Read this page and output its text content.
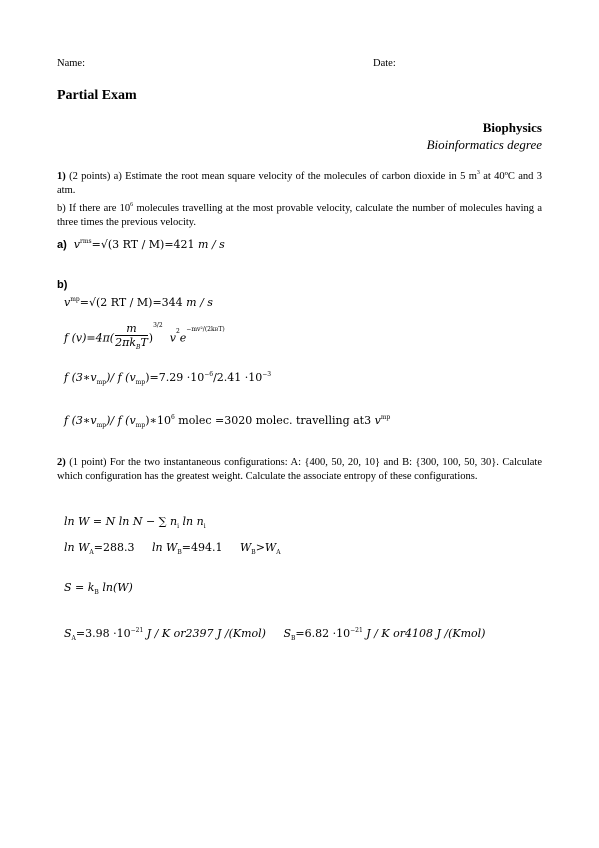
Name:	Date:
Partial Exam
Biophysics
Bioinformatics degree
1) (2 points) a) Estimate the root mean square velocity of the molecules of carbon dioxide in 5 $m^3$ at 40ºC and 3 atm.
b) If there are $10^6$ molecules travelling at the most provable velocity, calculate the number of molecules having a three times the previous velocity.
a) $v^{rms}=√(3$ RT / M)=421 m / s
b)
$v^{mp}=√(2$ RT / M)=344 m / s
f $(v)=4\pi( \frac{m}{2\pi k_BT} )^{3/2}$  $v^2e^{-mv^2/(2kBT)}$
f $(3∗v_{mp})/$ f $(v_{mp})=7.29 \cdot 10^{-6}/2.41 \cdot 10^{-3}$
f $(3∗v_{mp})/$ f $(v_{mp})∗10^6$ molec =3020 molec. travelling at3 $v^{mp}$
2) (1 point) For the two instantaneous configurations: A: {400, 50, 20, 10} and B: {300, 100, 50, 30}. Calculate which configuration has the greatest weight. Calculate the associate entropy of these configurations.
ln W = N ln N − ∑ $n_i$ $\ln n_i$
$\ln W_A=288.3$ $\ln W_B=494.1$ $W_B>W_A$
$S = k_B$ ln(W)
$S_A=3.98 \cdot 10^{-21}$ J / K or2397 J /(Kmol) $S_B=6.82 \cdot 10^{-21}$ J / K or4108 J /(Kmol)
